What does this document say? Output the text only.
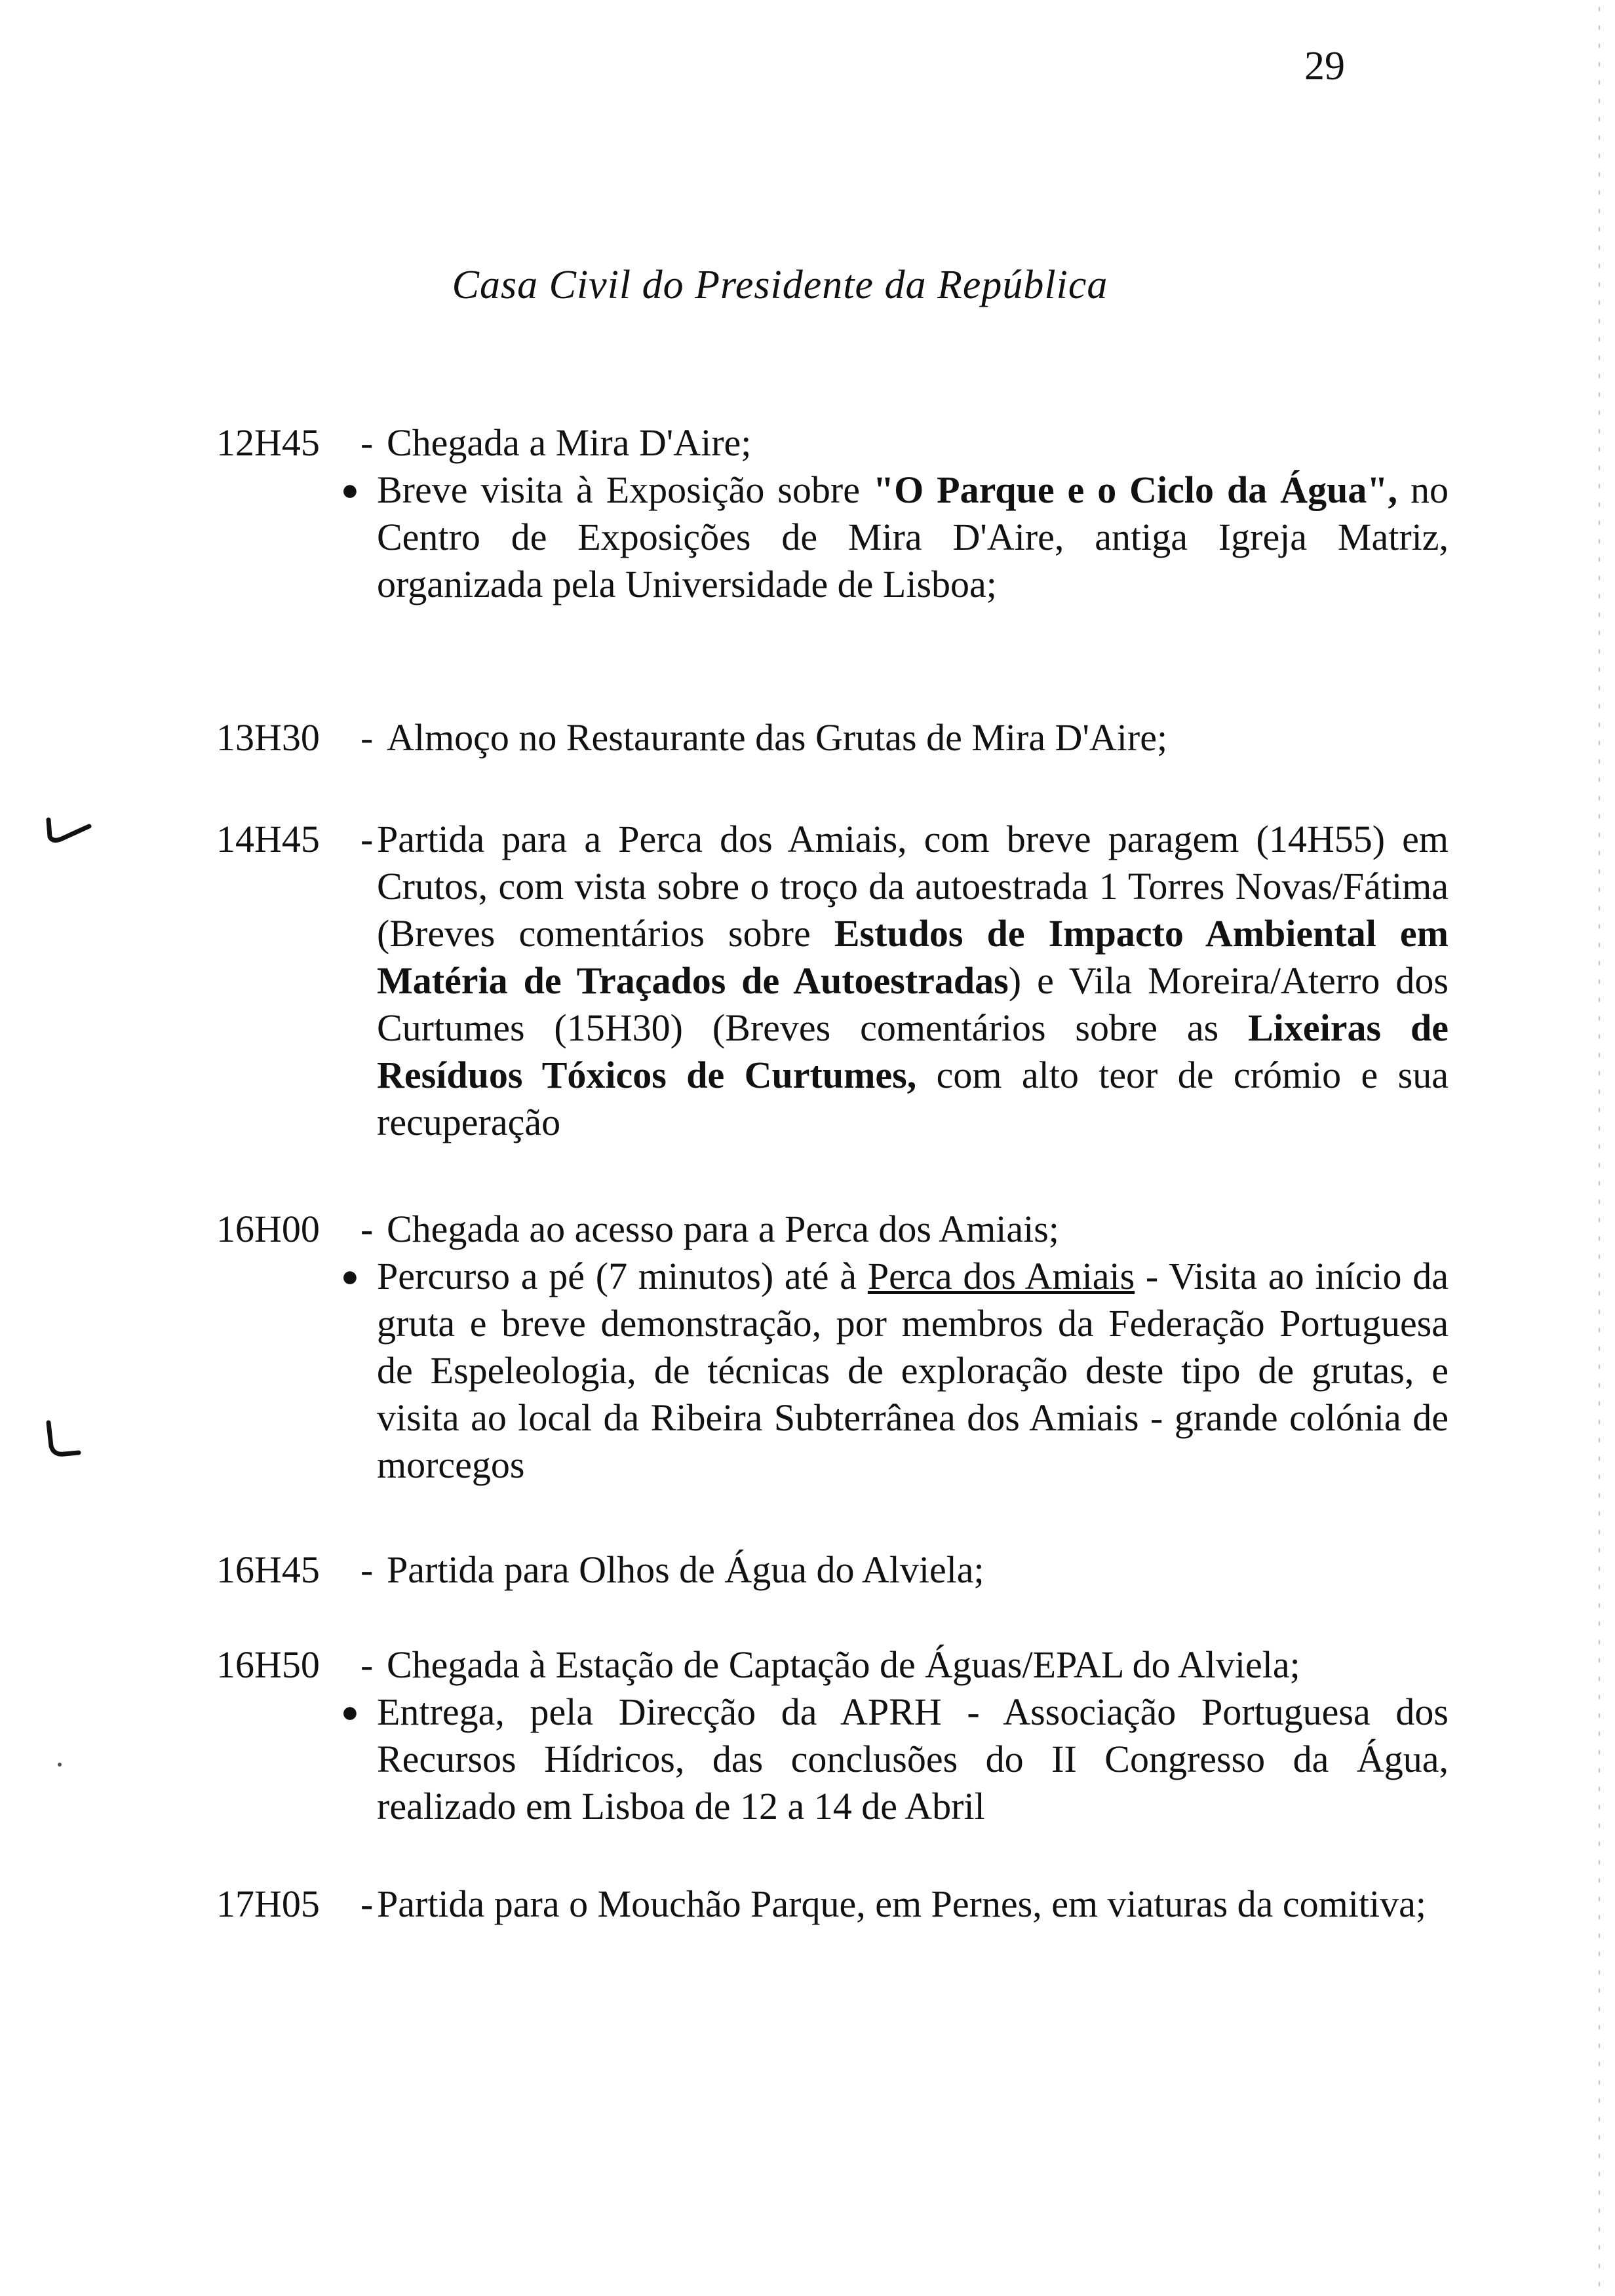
29
Casa Civil do Presidente da República
12H45 - Chegada a Mira D'Aire;
● Breve visita à Exposição sobre "O Parque e o Ciclo da Água", no Centro de Exposições de Mira D'Aire, antiga Igreja Matriz, organizada pela Universidade de Lisboa;
13H30 - Almoço no Restaurante das Grutas de Mira D'Aire;
14H45 - Partida para a Perca dos Amiais, com breve paragem (14H55) em Crutos, com vista sobre o troço da autoestrada 1 Torres Novas/Fátima (Breves comentários sobre Estudos de Impacto Ambiental em Matéria de Traçados de Autoestradas) e Vila Moreira/Aterro dos Curtumes (15H30) (Breves comentários sobre as Lixeiras de Resíduos Tóxicos de Curtumes, com alto teor de crómio e sua recuperação
16H00 - Chegada ao acesso para a Perca dos Amiais;
● Percurso a pé (7 minutos) até à Perca dos Amiais - Visita ao início da gruta e breve demonstração, por membros da Federação Portuguesa de Espeleologia, de técnicas de exploração deste tipo de grutas, e visita ao local da Ribeira Subterrânea dos Amiais - grande colónia de morcegos
16H45 - Partida para Olhos de Água do Alviela;
16H50 - Chegada à Estação de Captação de Águas/EPAL do Alviela;
● Entrega, pela Direcção da APRH - Associação Portuguesa dos Recursos Hídricos, das conclusões do II Congresso da Água, realizado em Lisboa de 12 a 14 de Abril
17H05 - Partida para o Mouchão Parque, em Pernes, em viaturas da comitiva;
